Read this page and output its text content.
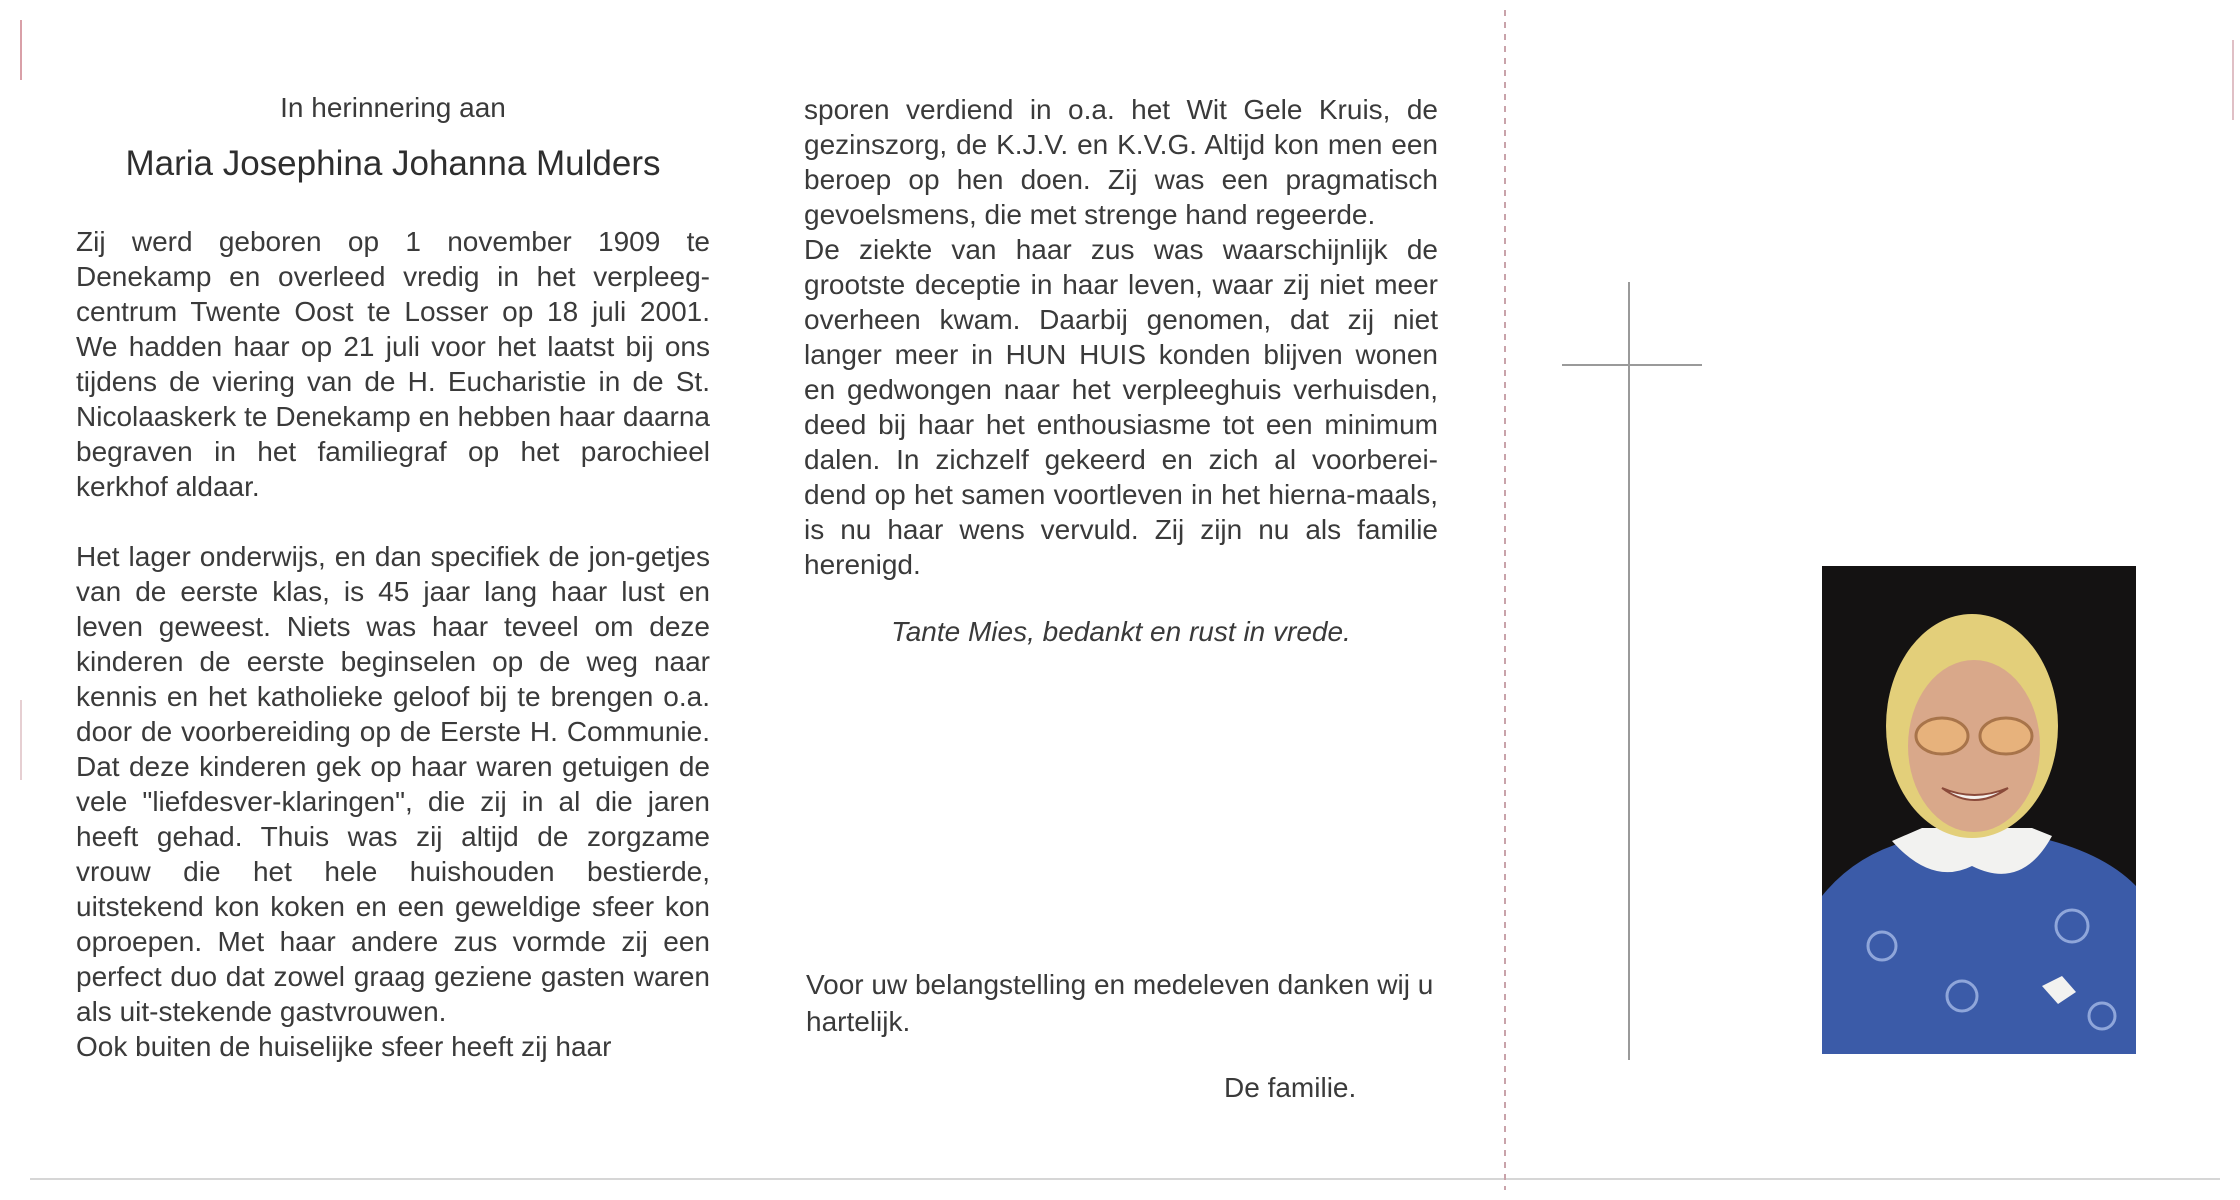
In herinnering aan
Maria Josephina Johanna Mulders

Zij werd geboren op 1 november 1909 te Denekamp en overleed vredig in het verpleeg-centrum Twente Oost te Losser op 18 juli 2001. We hadden haar op 21 juli voor het laatst bij ons tijdens de viering van de H. Eucharistie in de St. Nicolaaskerk te Denekamp en hebben haar daarna begraven in het familiegraf op het parochieel kerkhof aldaar.

Het lager onderwijs, en dan specifiek de jon-getjes van de eerste klas, is 45 jaar lang haar lust en leven geweest. Niets was haar teveel om deze kinderen de eerste beginselen op de weg naar kennis en het katholieke geloof bij te brengen o.a. door de voorbereiding op de Eerste H. Communie. Dat deze kinderen gek op haar waren getuigen de vele "liefdesver-klaringen", die zij in al die jaren heeft gehad. Thuis was zij altijd de zorgzame vrouw die het hele huishouden bestierde, uitstekend kon koken en een geweldige sfeer kon oproepen. Met haar andere zus vormde zij een perfect duo dat zowel graag geziene gasten waren als uit-stekende gastvrouwen.

Ook buiten de huiselijke sfeer heeft zij haar

sporen verdiend in o.a. het Wit Gele Kruis, de gezinszorg, de K.J.V. en K.V.G. Altijd kon men een beroep op hen doen. Zij was een pragmatisch gevoelsmens, die met strenge hand regeerde.

De ziekte van haar zus was waarschijnlijk de grootste deceptie in haar leven, waar zij niet meer overheen kwam. Daarbij genomen, dat zij niet langer meer in HUN HUIS konden blijven wonen en gedwongen naar het verpleeghuis verhuisden, deed bij haar het enthousiasme tot een minimum dalen. In zichzelf gekeerd en zich al voorberei-dend op het samen voortleven in het hierna-maals, is nu haar wens vervuld. Zij zijn nu als familie herenigd.

Tante Mies, bedankt en rust in vrede.
Voor uw belangstelling en medeleven danken wij u hartelijk.
De familie.
